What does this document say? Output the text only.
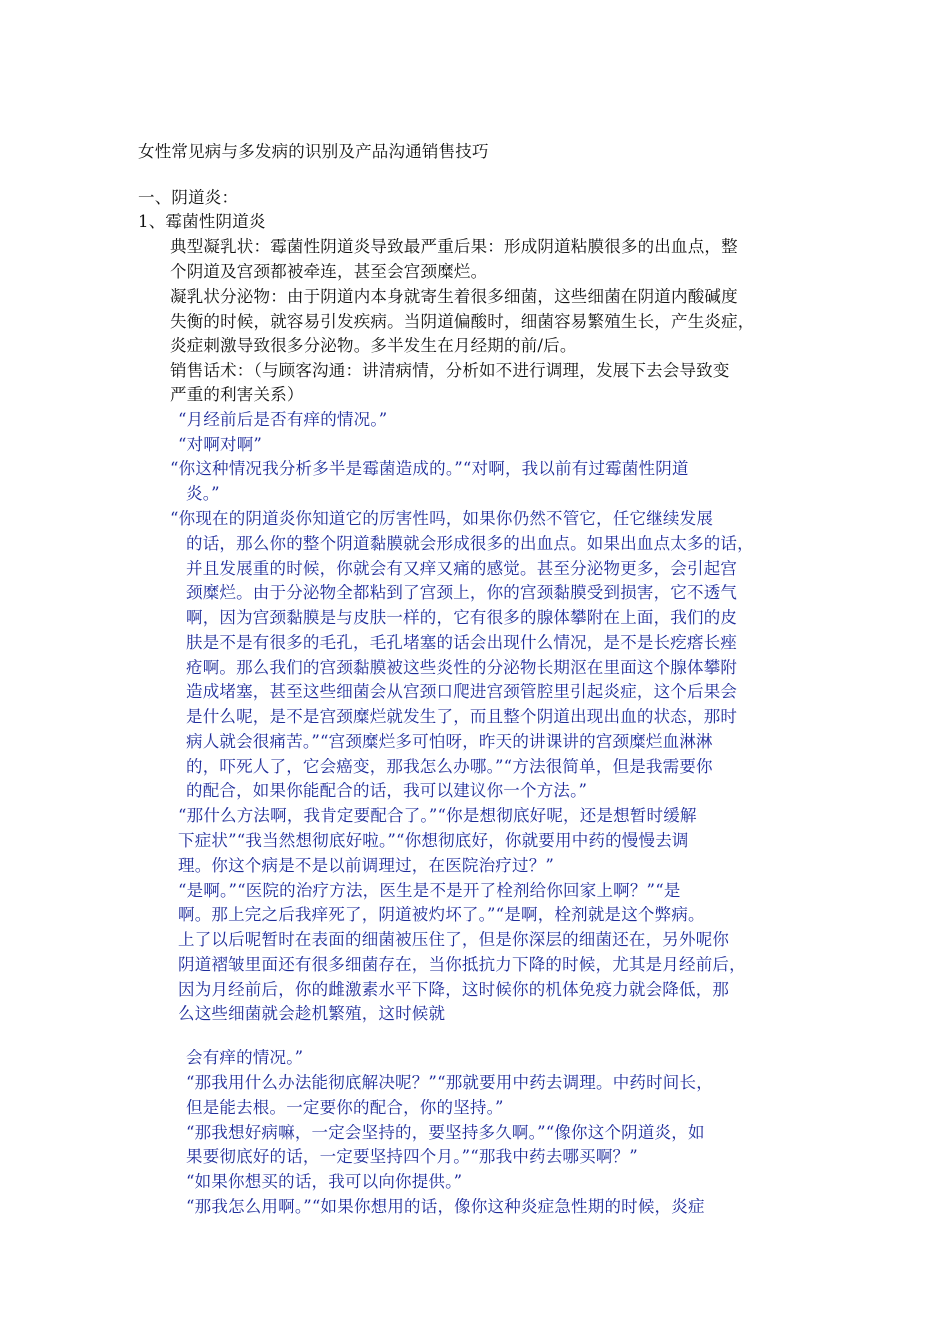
女性常见病与多发病的识别及产品沟通销售技巧
一、阴道炎：
1、霉菌性阴道炎
典型凝乳状：霉菌性阴道炎导致最严重后果：形成阴道粘膜很多的出血点，整
个阴道及宫颈都被牵连，甚至会宫颈糜烂。
凝乳状分泌物：由于阴道内本身就寄生着很多细菌，这些细菌在阴道内酸碱度
失衡的时候，就容易引发疾病。当阴道偏酸时，细菌容易繁殖生长，产生炎症，
炎症刺激导致很多分泌物。多半发生在月经期的前/后。
销售话术：（与顾客沟通：讲清病情，分析如不进行调理，发展下去会导致变
严重的利害关系）
“月经前后是否有痒的情况。”
“对啊对啊”
“你这种情况我分析多半是霉菌造成的。”“对啊，我以前有过霉菌性阴道
炎。”
“你现在的阴道炎你知道它的厉害性吗，如果你仍然不管它，任它继续发展
的话，那么你的整个阴道黏膜就会形成很多的出血点。如果出血点太多的话，
并且发展重的时候，你就会有又痒又痛的感觉。甚至分泌物更多，会引起宫
颈糜烂。由于分泌物全都粘到了宫颈上，你的宫颈黏膜受到损害，它不透气
啊，因为宫颈黏膜是与皮肤一样的，它有很多的腺体攀附在上面，我们的皮
肤是不是有很多的毛孔，毛孔堵塞的话会出现什么情况，是不是长疙瘩长痤
疮啊。那么我们的宫颈黏膜被这些炎性的分泌物长期沤在里面这个腺体攀附
造成堵塞，甚至这些细菌会从宫颈口爬进宫颈管腔里引起炎症，这个后果会
是什么呢，是不是宫颈糜烂就发生了，而且整个阴道出现出血的状态，那时
病人就会很痛苦。”“宫颈糜烂多可怕呀，昨天的讲课讲的宫颈糜烂血淋淋
的，吓死人了，它会癌变，那我怎么办哪。”“方法很简单，但是我需要你
的配合，如果你能配合的话，我可以建议你一个方法。”
“那什么方法啊，我肯定要配合了。”“你是想彻底好呢，还是想暂时缓解
下症状”“我当然想彻底好啦。”“你想彻底好，你就要用中药的慢慢去调
理。你这个病是不是以前调理过，在医院治疗过？”
“是啊。”“医院的治疗方法，医生是不是开了栓剂给你回家上啊？”“是
啊。那上完之后我痒死了，阴道被灼坏了。”“是啊，栓剂就是这个弊病。
上了以后呢暂时在表面的细菌被压住了，但是你深层的细菌还在，另外呢你
阴道褶皱里面还有很多细菌存在，当你抵抗力下降的时候，尤其是月经前后，
因为月经前后，你的雌激素水平下降，这时候你的机体免疫力就会降低，那
么这些细菌就会趁机繁殖，这时候就
会有痒的情况。”
“那我用什么办法能彻底解决呢？”“那就要用中药去调理。中药时间长，
但是能去根。一定要你的配合，你的坚持。”
“那我想好病嘛，一定会坚持的，要坚持多久啊。”“像你这个阴道炎，如
果要彻底好的话，一定要坚持四个月。”“那我中药去哪买啊？”
“如果你想买的话，我可以向你提供。”
“那我怎么用啊。”“如果你想用的话，像你这种炎症急性期的时候，炎症
